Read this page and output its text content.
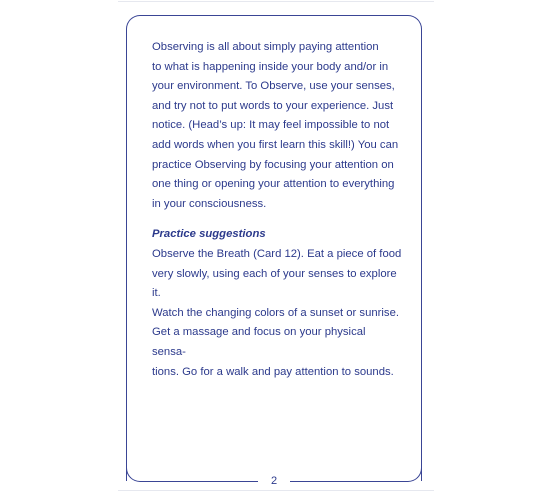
2

Observing is all about simply paying attention

to what is happening inside your body and/or in

your environment. To Observe, use your senses,

and try not to put words to your experience. Just

notice. (Head’s up: It may feel impossible to not

add words when you first learn this skill!) You can

practice Observing by focusing your attention on

one thing or opening your attention to everything

in your consciousness.

Practice suggestions

Observe the Breath (Card 12). Eat a piece of food

very slowly, using each of your senses to explore it.

Watch the changing colors of a sunset or sunrise.

Get a massage and focus on your physical sensa-

tions. Go for a walk and pay attention to sounds.
